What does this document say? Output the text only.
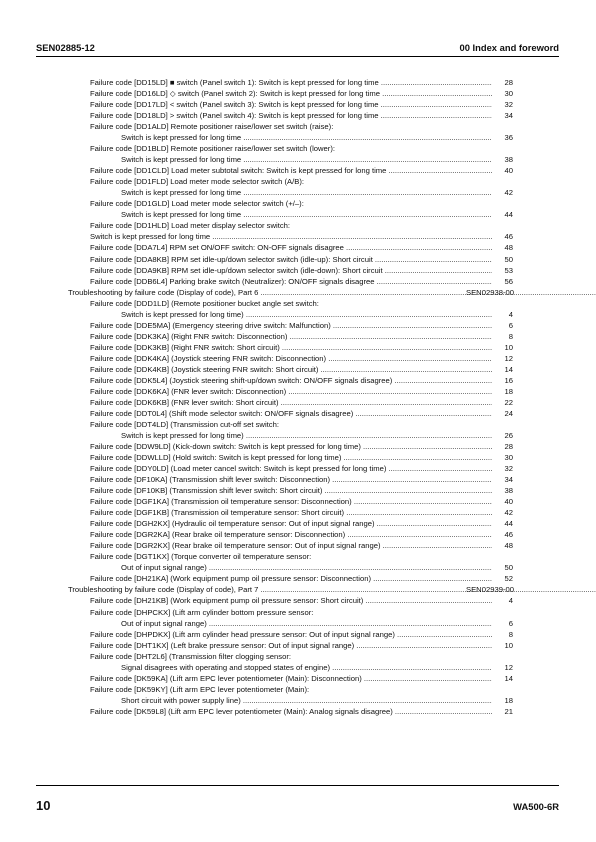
SEN02885-12	00 Index and foreword
Failure code [DD15LD] ■ switch (Panel switch 1): Switch is kept pressed for long time .....	28
Failure code [DD16LD] ◇ switch (Panel switch 2): Switch is kept pressed for long time .....	30
Failure code [DD17LD] < switch (Panel switch 3): Switch is kept pressed for long time .....	32
Failure code [DD18LD] > switch (Panel switch 4): Switch is kept pressed for long time .....	34
Failure code [DD1ALD] Remote positioner raise/lower set switch (raise):
Switch is kept pressed for long time .....	36
Failure code [DD1BLD] Remote positioner raise/lower set switch (lower):
Switch is kept pressed for long time .....	38
Failure code [DD1CLD] Load meter subtotal switch: Switch is kept pressed for long time .....	40
Failure code [DD1FLD] Load meter mode selector switch (A/B):
Switch is kept pressed for long time .....	42
Failure code [DD1GLD] Load meter mode selector switch (+/–):
Switch is kept pressed for long time .....	44
Failure code [DD1HLD] Load meter display selector switch:
Switch is kept pressed for long time .....	46
Failure code [DDA7L4] RPM set ON/OFF switch: ON-OFF signals disagree .....	48
Failure code [DDA8KB] RPM set idle-up/down selector switch (idle-up): Short circuit .....	50
Failure code [DDA9KB] RPM set idle-up/down selector switch (idle-down): Short circuit .....	53
Failure code [DDB6L4] Parking brake switch (Neutralizer): ON/OFF signals disagree .....	56
Troubleshooting by failure code (Display of code), Part 6 .....	SEN02938-00
Failure code [DDD1LD] (Remote positioner bucket angle set switch:
Switch is kept pressed for long time) .....	4
Failure code [DDE5MA] (Emergency steering drive switch: Malfunction) .....	6
Failure code [DDK3KA] (Right FNR switch: Disconnection) .....	8
Failure code [DDK3KB] (Right FNR switch: Short circuit) .....	10
Failure code [DDK4KA] (Joystick steering FNR switch: Disconnection) .....	12
Failure code [DDK4KB] (Joystick steering FNR switch: Short circuit) .....	14
Failure code [DDK5L4] (Joystick steering shift-up/down switch: ON/OFF signals disagree) .....	16
Failure code [DDK6KA] (FNR lever switch: Disconnection) .....	18
Failure code [DDK6KB] (FNR lever switch: Short circuit) .....	22
Failure code [DDT0L4] (Shift mode selector switch: ON/OFF signals disagree) .....	24
Failure code [DDT4LD] (Transmission cut-off set switch:
Switch is kept pressed for long time) .....	26
Failure code [DDW9LD] (Kick-down switch: Switch is kept pressed for long time) .....	28
Failure code [DDWLLD] (Hold switch: Switch is kept pressed for long time) .....	30
Failure code [DDY0LD] (Load meter cancel switch: Switch is kept pressed for long time) .....	32
Failure code [DF10KA] (Transmission shift lever switch: Disconnection) .....	34
Failure code [DF10KB] (Transmission shift lever switch: Short circuit) .....	38
Failure code [DGF1KA] (Transmission oil temperature sensor: Disconnection) .....	40
Failure code [DGF1KB] (Transmission oil temperature sensor: Short circuit) .....	42
Failure code [DGH2KX] (Hydraulic oil temperature sensor: Out of input signal range) .....	44
Failure code [DGR2KA] (Rear brake oil temperature sensor: Disconnection) .....	46
Failure code [DGR2KX] (Rear brake oil temperature sensor: Out of input signal range) .....	48
Failure code [DGT1KX] (Torque converter oil temperature sensor:
Out of input signal range) .....	50
Failure code [DH21KA] (Work equipment pump oil pressure sensor: Disconnection) .....	52
Troubleshooting by failure code (Display of code), Part 7 .....	SEN02939-00
Failure code [DH21KB] (Work equipment pump oil pressure sensor: Short circuit) .....	4
Failure code [DHPCKX] (Lift arm cylinder bottom pressure sensor:
Out of input signal range) .....	6
Failure code [DHPDKX] (Lift arm cylinder head pressure sensor: Out of input signal range) .....	8
Failure code [DHT1KX] (Left brake pressure sensor: Out of input signal range) .....	10
Failure code [DHT2L6] (Transmission filter clogging sensor:
Signal disagrees with operating and stopped states of engine) .....	12
Failure code [DK59KA] (Lift arm EPC lever potentiometer (Main): Disconnection) .....	14
Failure code [DK59KY] (Lift arm EPC lever potentiometer (Main):
Short circuit with power supply line) .....	18
Failure code [DK59L8] (Lift arm EPC lever potentiometer (Main): Analog signals disagree) .....	21
10	WA500-6R
